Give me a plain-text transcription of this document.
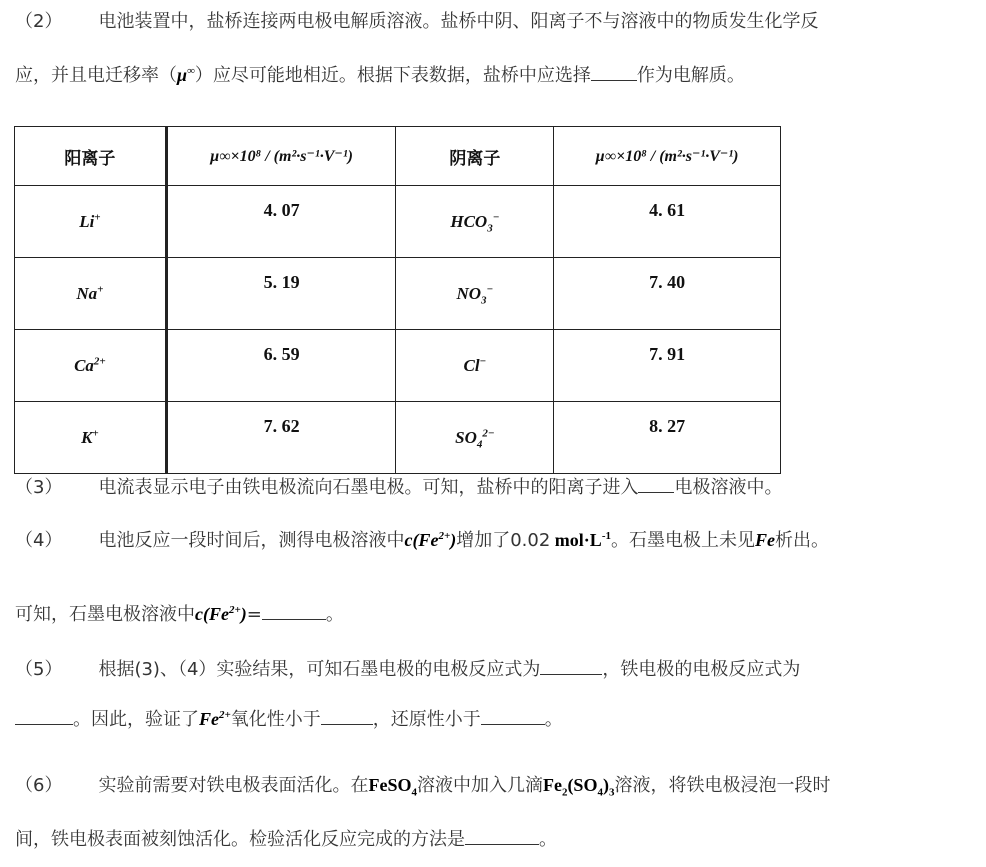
（2） 电池装置中，盐桥连接两电极电解质溶液。盐桥中阴、阳离子不与溶液中的物质发生化学反
应，并且电迁移率（μ∞）应尽可能地相近。根据下表数据，盐桥中应选择	作为电解质。
阳离子	μ∞×10⁸ / (m²·s⁻¹·V⁻¹)	阴离子	μ∞×10⁸ / (m²·s⁻¹·V⁻¹)
Li+	4. 07	$HCO_3^-$	4. 61
Na+	5. 19	$NO_3^-$	7. 40
$Ca^{2+}$	6. 59	Cl−	7. 91
K+	7. 62	$SO_4^{2-}$	8. 27
（3） 电流表显示电子由铁电极流向石墨电极。可知，盐桥中的阳离子进入 电极溶液中。
（4） 电池反应一段时间后，测得电极溶液中$c(Fe^{2+})$增加了0.02 $mol\cdot L^{-1}$。石墨电极上未见Fe析出。
可知，石墨电极溶液中$c(Fe^{2+})=$	。
（5） 根据(3)、（4）实验结果，可知石墨电极的电极反应式为	，铁电极的电极反应式为
。因此，验证了$Fe^{2+}$氧化性小于	，还原性小于	。
（6） 实验前需要对铁电极表面活化。在FeSO$_4$溶液中加入几滴$Fe_2(SO_4)_3$溶液，将铁电极浸泡一段时
间，铁电极表面被刻蚀活化。检验活化反应完成的方法是	。
